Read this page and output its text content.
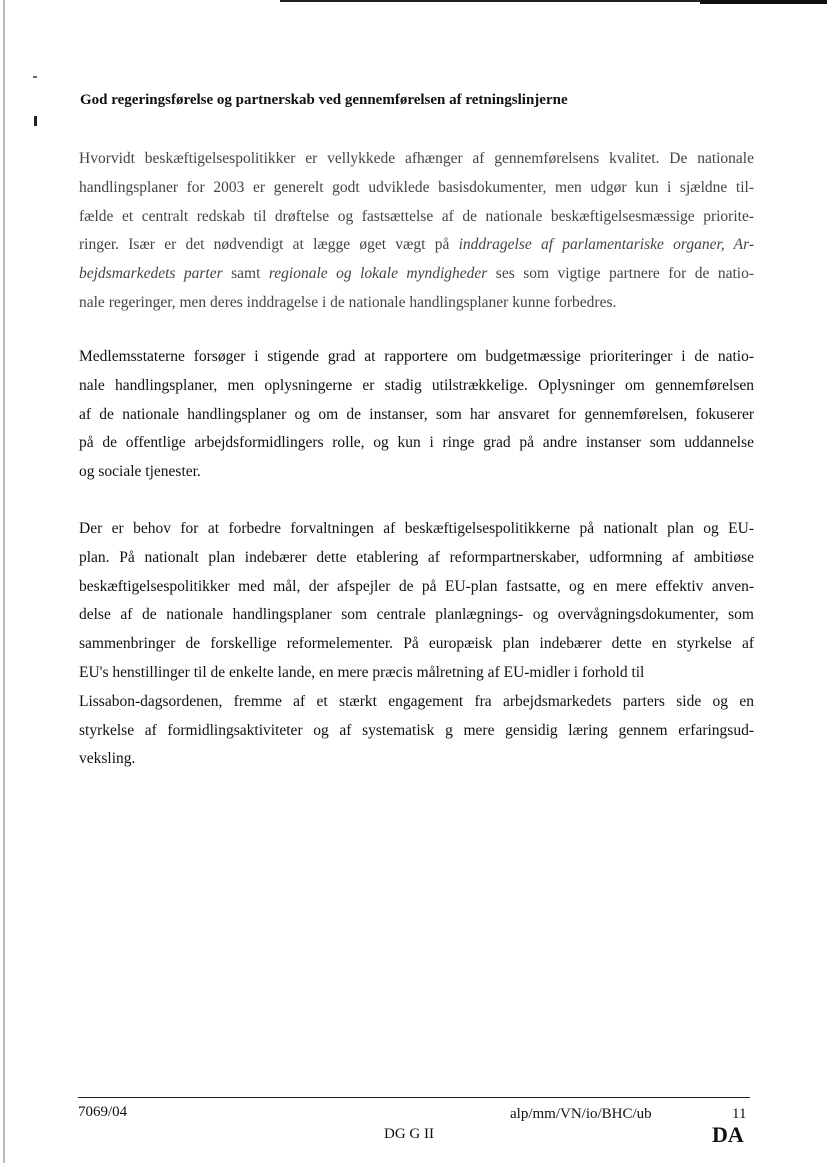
God regeringsførelse og partnerskab ved gennemførelsen af retningslinjerne

Hvorvidt beskæftigelsespolitikker er vellykkede afhænger af gennemførelsens kvalitet. De nationale
handlingsplaner for 2003 er generelt godt udviklede basisdokumenter, men udgør kun i sjældne til-
fælde et centralt redskab til drøftelse og fastsættelse af de nationale beskæftigelsesmæssige priorite-
ringer. Især er det nødvendigt at lægge øget vægt på inddragelse af parlamentariske organer, Ar-
bejdsmarkedets parter samt regionale og lokale myndigheder ses som vigtige partnere for de natio-
nale regeringer, men deres inddragelse i de nationale handlingsplaner kunne forbedres.

Medlemsstaterne forsøger i stigende grad at rapportere om budgetmæssige prioriteringer i de natio-
nale handlingsplaner, men oplysningerne er stadig utilstrækkelige. Oplysninger om gennemførelsen
af de nationale handlingsplaner og om de instanser, som har ansvaret for gennemførelsen, fokuserer
på de offentlige arbejdsformidlingers rolle, og kun i ringe grad på andre instanser som uddannelse
og sociale tjenester.

Der er behov for at forbedre forvaltningen af beskæftigelsespolitikkerne på nationalt plan og EU-
plan. På nationalt plan indebærer dette etablering af reformpartnerskaber, udformning af ambitiøse
beskæftigelsespolitikker med mål, der afspejler de på EU-plan fastsatte, og en mere effektiv anven-
delse af de nationale handlingsplaner som centrale planlægnings- og overvågningsdokumenter, som
sammenbringer de forskellige reformelementer. På europæisk plan indebærer dette en styrkelse af
EU's henstillinger til de enkelte lande, en mere præcis målretning af EU-midler i forhold til
Lissabon-dagsordenen, fremme af et stærkt engagement fra arbejdsmarkedets parters side og en
styrkelse af formidlingsaktiviteter og af systematisk g mere gensidig læring gennem erfaringsud-
veksling.

7069/04
DG G II
alp/mm/VN/io/BHC/ub	11
DA
